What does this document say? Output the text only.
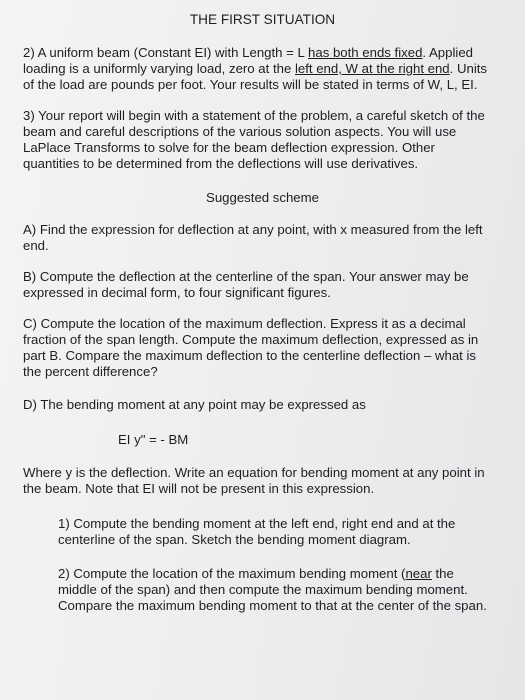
THE FIRST SITUATION
2) A uniform beam (Constant EI) with Length = L has both ends fixed. Applied
loading is a uniformly varying load, zero at the left end, W at the right end. Units
of the load are pounds per foot. Your results will be stated in terms of W, L, EI.
3) Your report will begin with a statement of the problem, a careful sketch of the
beam and careful descriptions of the various solution aspects. You will use
LaPlace Transforms to solve for the beam deflection expression. Other
quantities to be determined from the deflections will use derivatives.
Suggested scheme
A) Find the expression for deflection at any point, with x measured from the left
end.
B) Compute the deflection at the centerline of the span. Your answer may be
expressed in decimal form, to four significant figures.
C) Compute the location of the maximum deflection. Express it as a decimal
fraction of the span length. Compute the maximum deflection, expressed as in
part B. Compare the maximum deflection to the centerline deflection – what is
the percent difference?
D) The bending moment at any point may be expressed as
EI y" = - BM
Where y is the deflection. Write an equation for bending moment at any point in
the beam. Note that EI will not be present in this expression.
1) Compute the bending moment at the left end, right end and at the
centerline of the span. Sketch the bending moment diagram.
2) Compute the location of the maximum bending moment (near the
middle of the span) and then compute the maximum bending moment.
Compare the maximum bending moment to that at the center of the span.
